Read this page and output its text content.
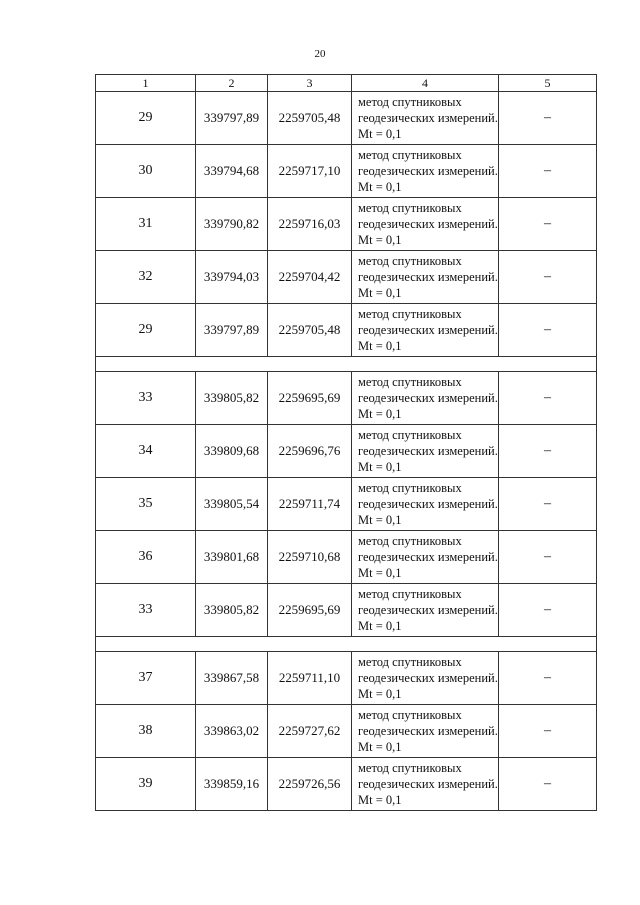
20
1	2	3	4	5
29	339797,89	2259705,48	метод спутниковых геодезических измерений. Mt = 0,1	–
30	339794,68	2259717,10	метод спутниковых геодезических измерений. Mt = 0,1	–
31	339790,82	2259716,03	метод спутниковых геодезических измерений. Mt = 0,1	–
32	339794,03	2259704,42	метод спутниковых геодезических измерений. Mt = 0,1	–
29	339797,89	2259705,48	метод спутниковых геодезических измерений. Mt = 0,1	–

33	339805,82	2259695,69	метод спутниковых геодезических измерений. Mt = 0,1	–
34	339809,68	2259696,76	метод спутниковых геодезических измерений. Mt = 0,1	–
35	339805,54	2259711,74	метод спутниковых геодезических измерений. Mt = 0,1	–
36	339801,68	2259710,68	метод спутниковых геодезических измерений. Mt = 0,1	–
33	339805,82	2259695,69	метод спутниковых геодезических измерений. Mt = 0,1	–

37	339867,58	2259711,10	метод спутниковых геодезических измерений. Mt = 0,1	–
38	339863,02	2259727,62	метод спутниковых геодезических измерений. Mt = 0,1	–
39	339859,16	2259726,56	метод спутниковых геодезических измерений. Mt = 0,1	–
